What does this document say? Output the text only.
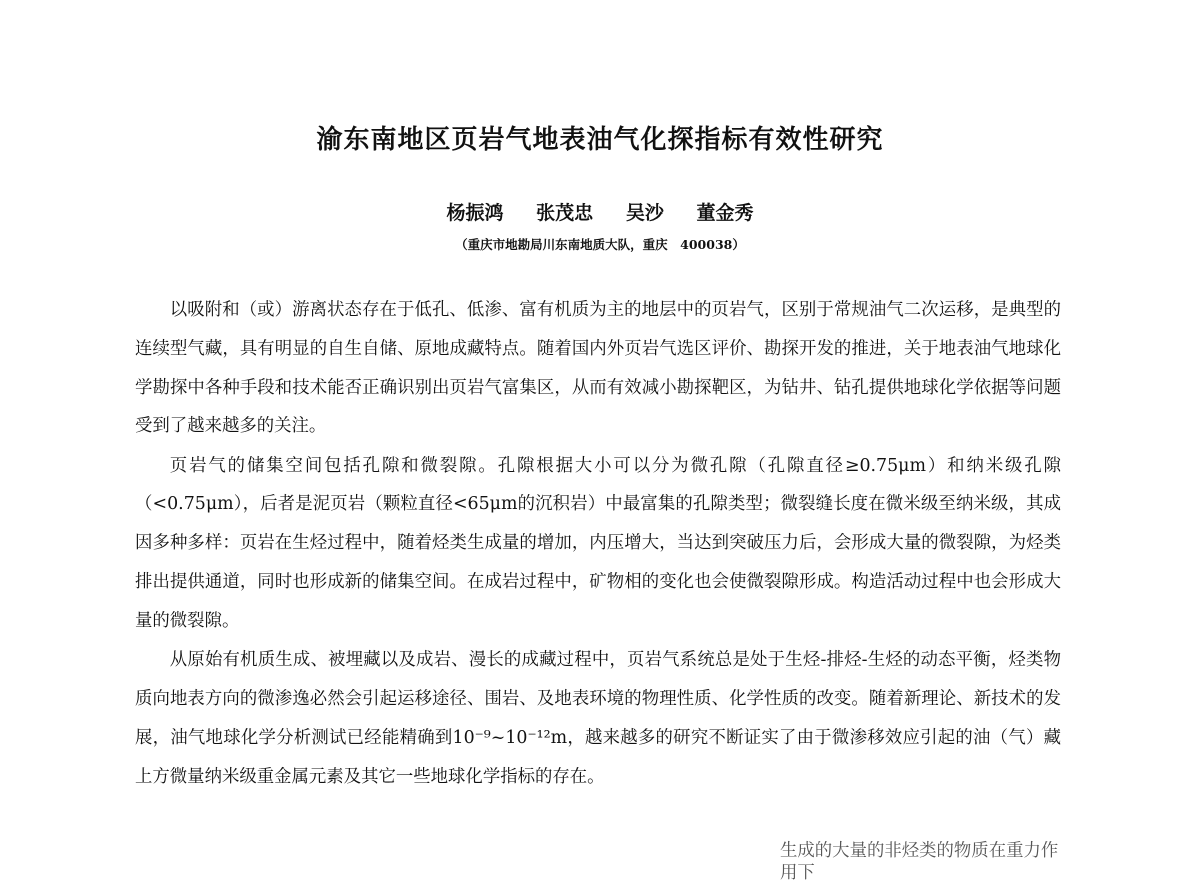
渝东南地区页岩气地表油气化探指标有效性研究
杨振鸿 张茂忠 吴沙 董金秀
（重庆市地勘局川东南地质大队，重庆　400038）

以吸附和（或）游离状态存在于低孔、低渗、富有机质为主的地层中的页岩气，区别于常规油气二次运移，是典型的连续型气藏，具有明显的自生自储、原地成藏特点。随着国内外页岩气选区评价、勘探开发的推进，关于地表油气地球化学勘探中各种手段和技术能否正确识别出页岩气富集区，从而有效减小勘探靶区，为钻井、钻孔提供地球化学依据等问题受到了越来越多的关注。

页岩气的储集空间包括孔隙和微裂隙。孔隙根据大小可以分为微孔隙（孔隙直径≥0.75μm）和纳米级孔隙（<0.75μm），后者是泥页岩（颗粒直径<65μm的沉积岩）中最富集的孔隙类型；微裂缝长度在微米级至纳米级，其成因多种多样：页岩在生烃过程中，随着烃类生成量的增加，内压增大，当达到突破压力后，会形成大量的微裂隙，为烃类排出提供通道，同时也形成新的储集空间。在成岩过程中，矿物相的变化也会使微裂隙形成。构造活动过程中也会形成大量的微裂隙。

从原始有机质生成、被埋藏以及成岩、漫长的成藏过程中，页岩气系统总是处于生烃-排烃-生烃的动态平衡，烃类物质向地表方向的微渗逸必然会引起运移途径、围岩、及地表环境的物理性质、化学性质的改变。随着新理论、新技术的发展，油气地球化学分析测试已经能精确到10⁻⁹~10⁻¹²m，越来越多的研究不断证实了由于微渗移效应引起的油（气）藏上方微量纳米级重金属元素及其它一些地球化学指标的存在。

生成的大量的非烃类的物质在重力作用下
